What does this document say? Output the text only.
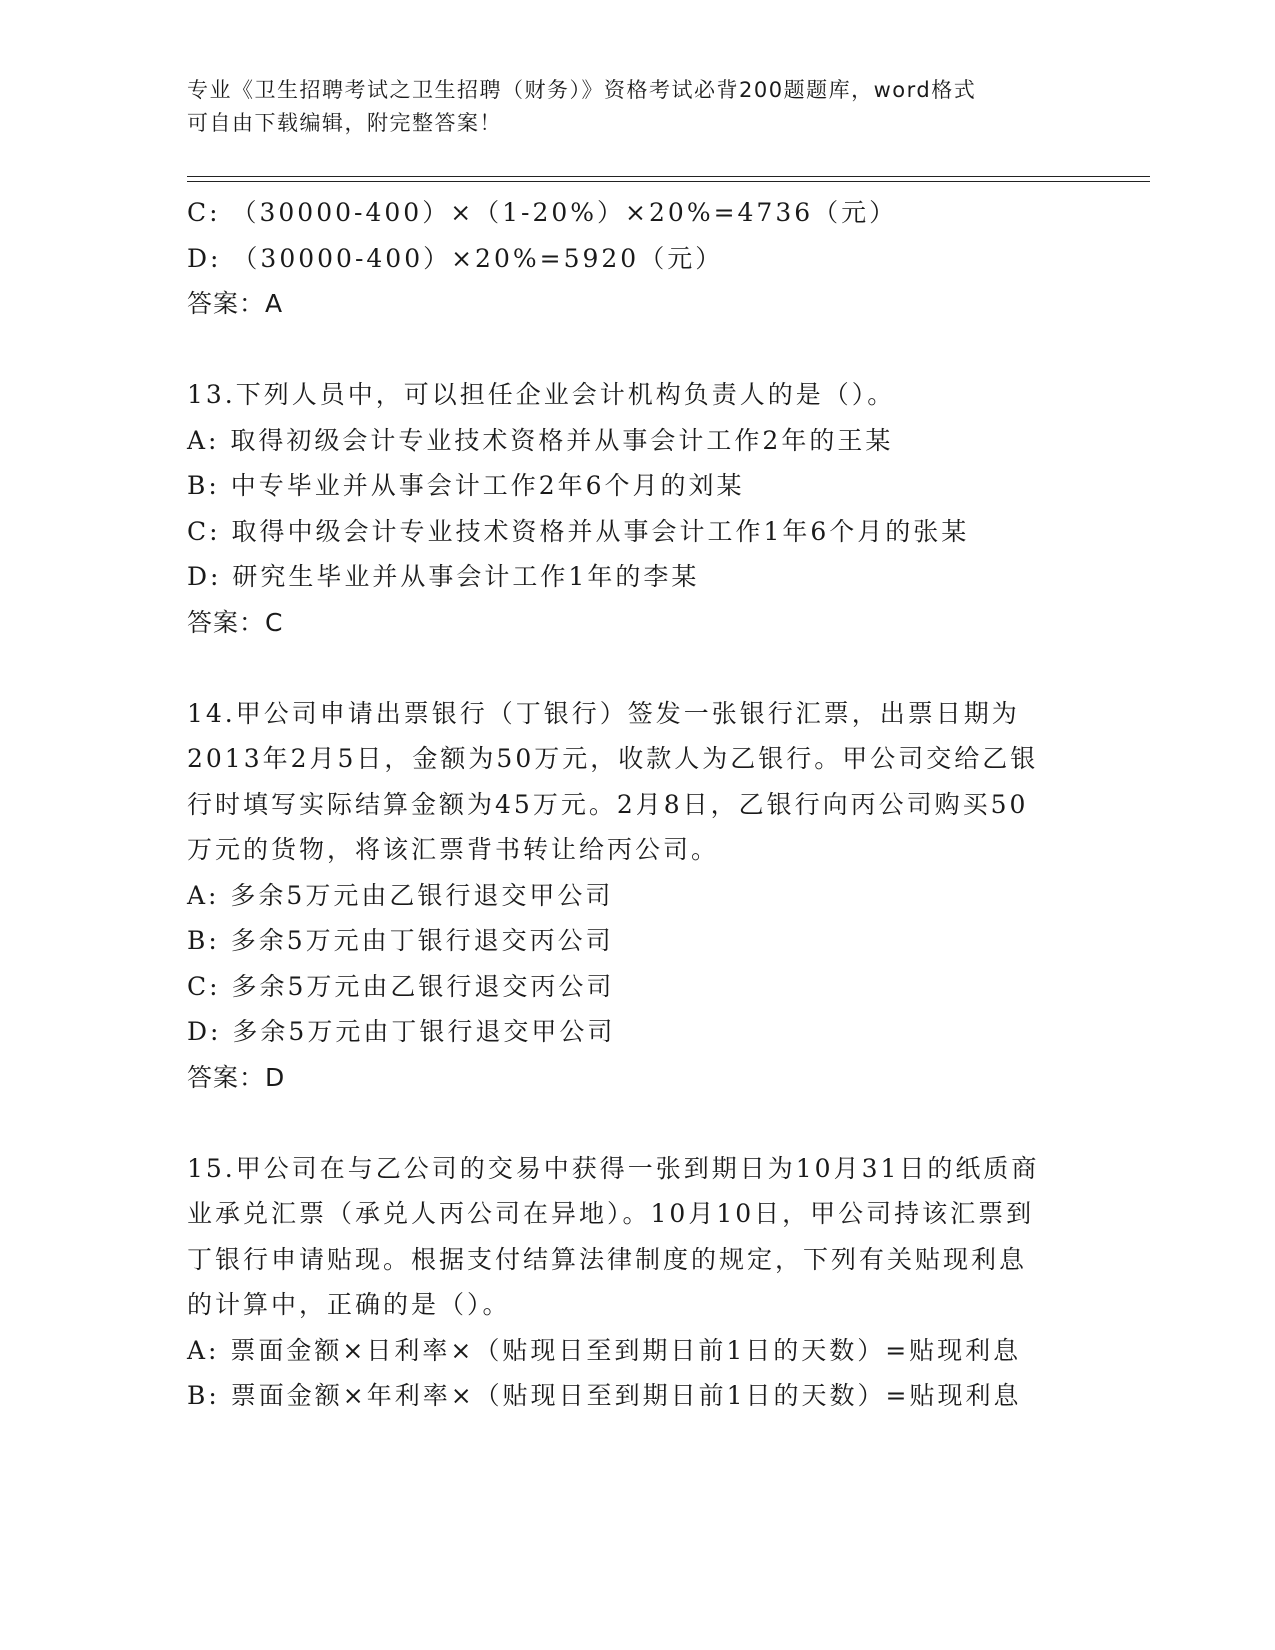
专业《卫生招聘考试之卫生招聘（财务）》资格考试必背200题题库，word格式
可自由下载编辑，附完整答案！
C: （30000-400）×（1-20%）×20%=4736（元）
D: （30000-400）×20%=5920（元）
答案：A
13.下列人员中，可以担任企业会计机构负责人的是（）。
A: 取得初级会计专业技术资格并从事会计工作2年的王某
B: 中专毕业并从事会计工作2年6个月的刘某
C: 取得中级会计专业技术资格并从事会计工作1年6个月的张某
D: 研究生毕业并从事会计工作1年的李某
答案：C
14.甲公司申请出票银行（丁银行）签发一张银行汇票，出票日期为
2013年2月5日，金额为50万元，收款人为乙银行。甲公司交给乙银
行时填写实际结算金额为45万元。2月8日，乙银行向丙公司购买50
万元的货物，将该汇票背书转让给丙公司。
A: 多余5万元由乙银行退交甲公司
B: 多余5万元由丁银行退交丙公司
C: 多余5万元由乙银行退交丙公司
D: 多余5万元由丁银行退交甲公司
答案：D
15.甲公司在与乙公司的交易中获得一张到期日为10月31日的纸质商
业承兑汇票（承兑人丙公司在异地）。10月10日，甲公司持该汇票到
丁银行申请贴现。根据支付结算法律制度的规定，下列有关贴现利息
的计算中，正确的是（）。
A: 票面金额×日利率×（贴现日至到期日前1日的天数）=贴现利息
B: 票面金额×年利率×（贴现日至到期日前1日的天数）=贴现利息
